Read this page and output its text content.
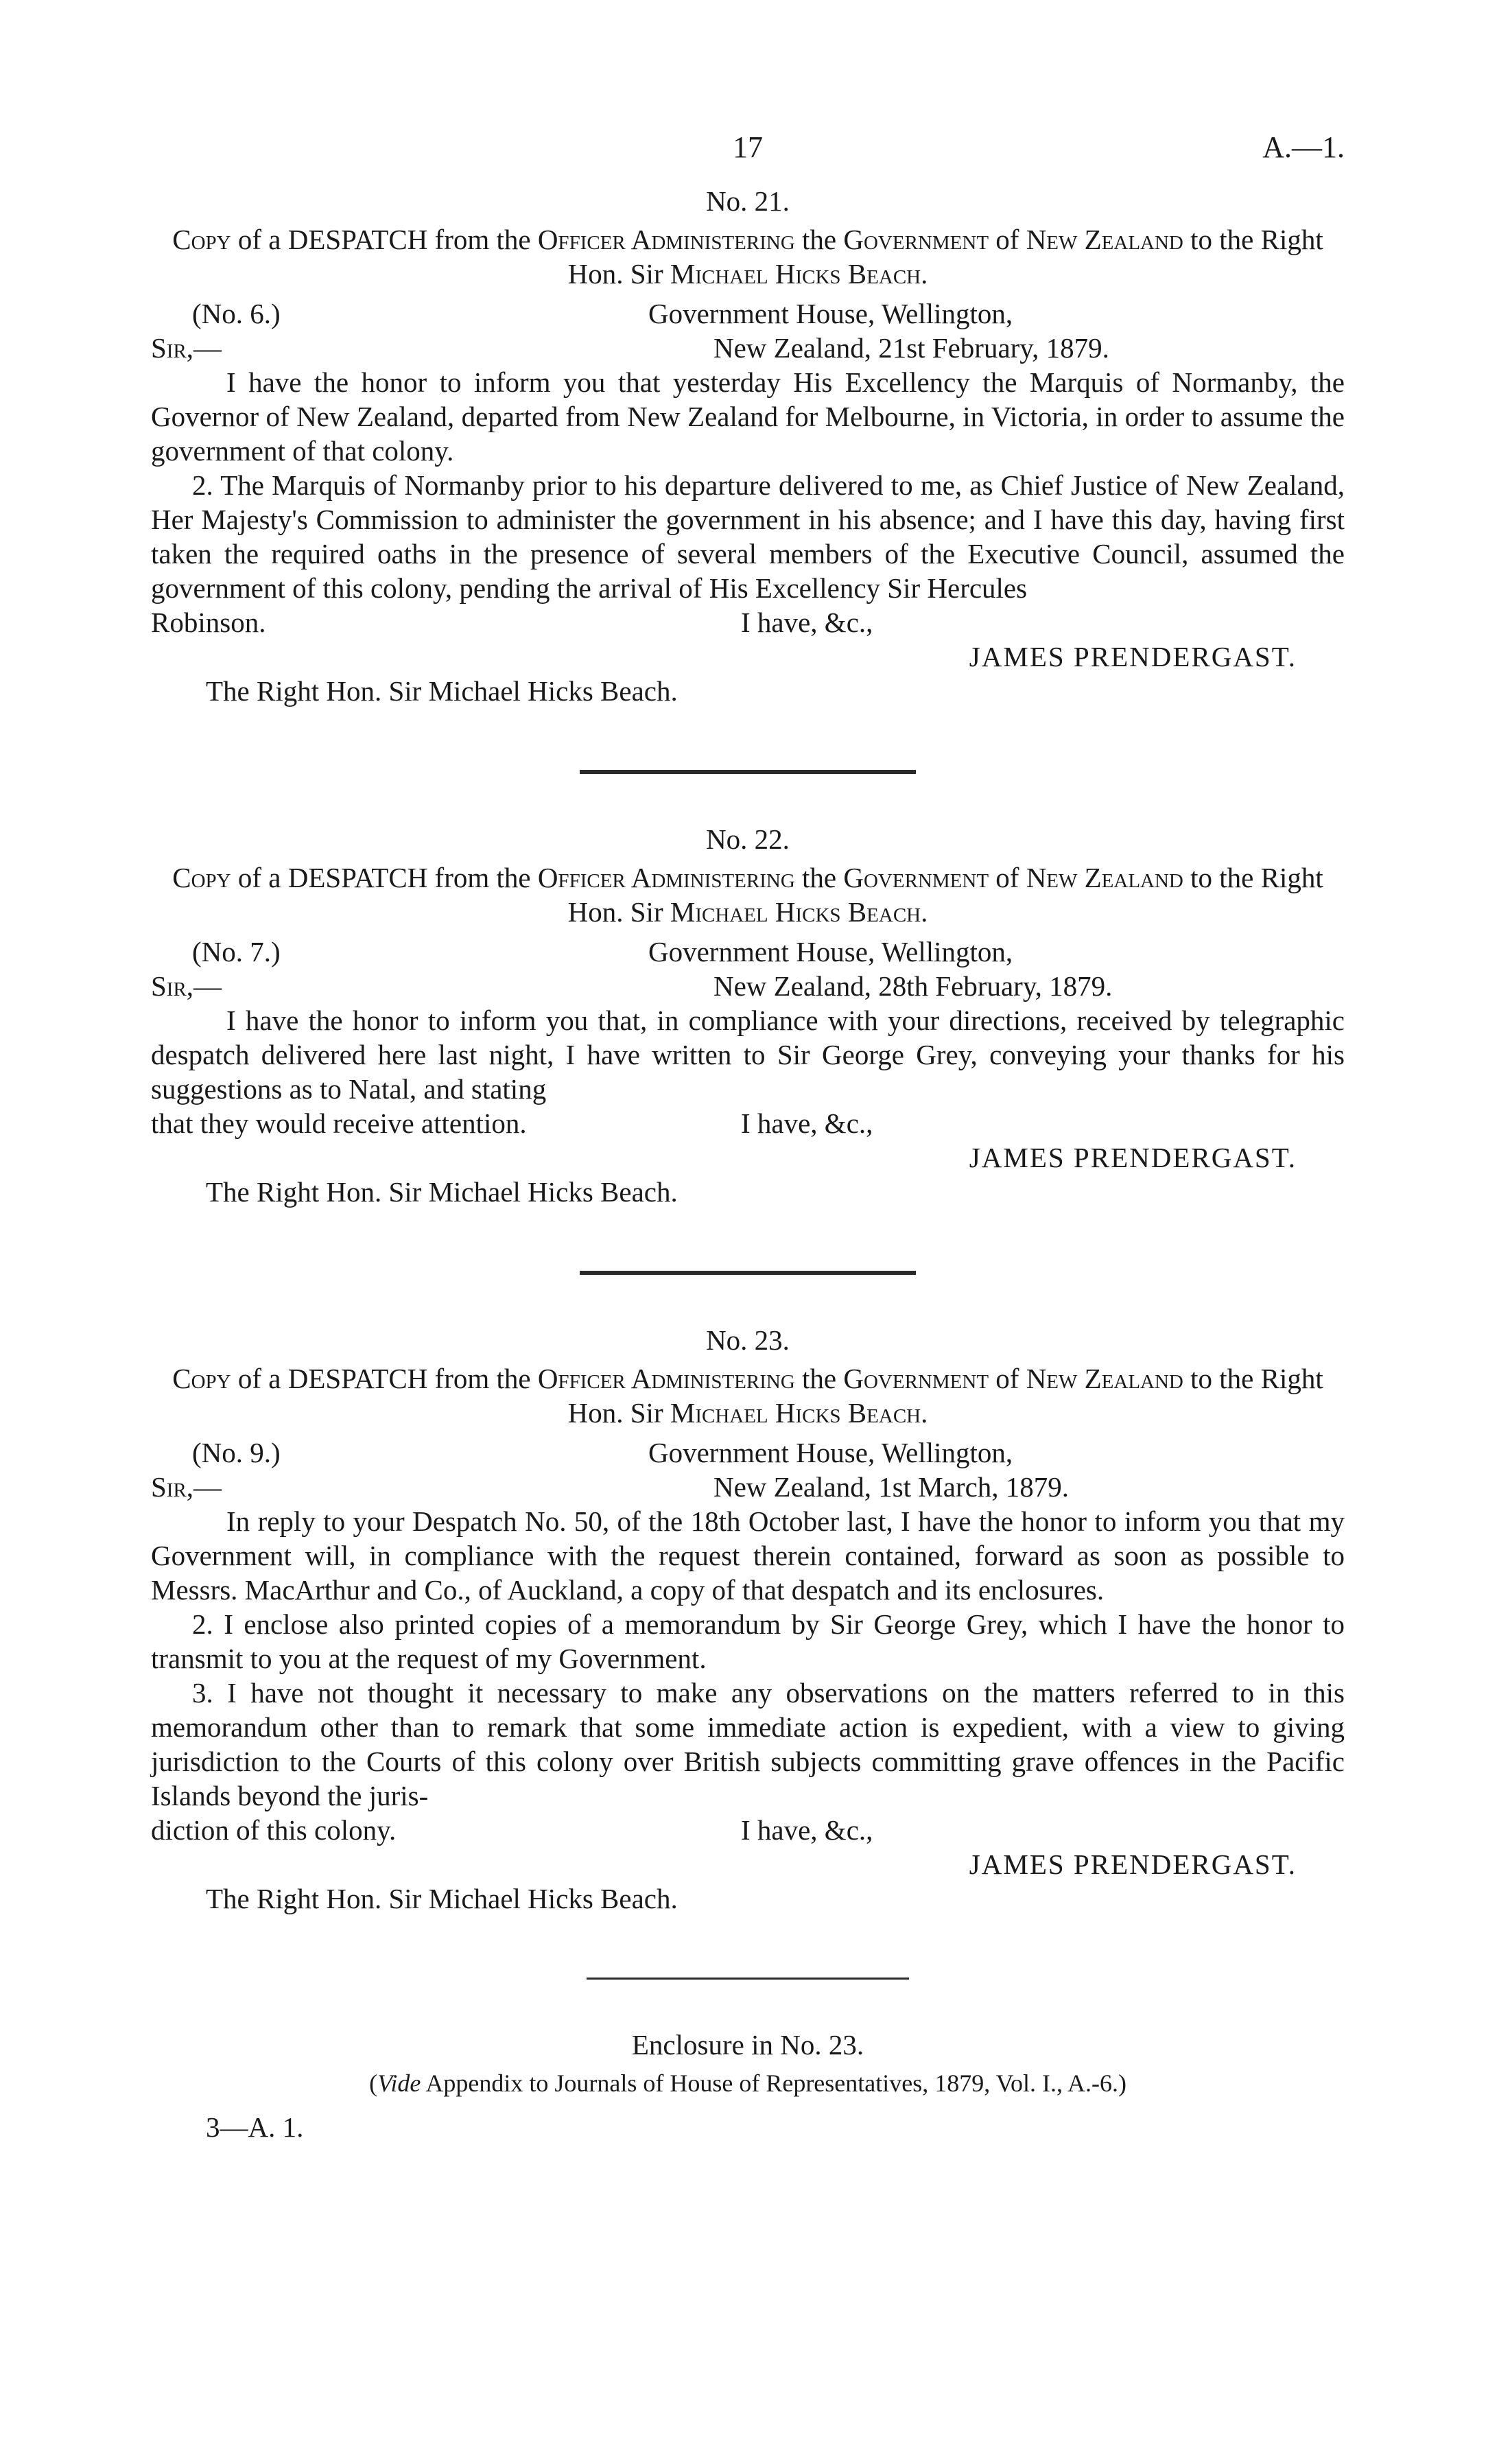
17	A.—1.
No. 21.
Copy of a DESPATCH from the Officer Administering the Government of New Zealand to the Right Hon. Sir Michael Hicks Beach.
(No. 6.)
Sir,—
Government House, Wellington,
New Zealand, 21st February, 1879.

I have the honor to inform you that yesterday His Excellency the Marquis of Normanby, the Governor of New Zealand, departed from New Zealand for Melbourne, in Victoria, in order to assume the government of that colony.

2. The Marquis of Normanby prior to his departure delivered to me, as Chief Justice of New Zealand, Her Majesty's Commission to administer the government in his absence; and I have this day, having first taken the required oaths in the presence of several members of the Executive Council, assumed the government of this colony, pending the arrival of His Excellency Sir Hercules

Robinson.	I have, &c.,
JAMES PRENDERGAST.
The Right Hon. Sir Michael Hicks Beach.
No. 22.
Copy of a DESPATCH from the Officer Administering the Government of New Zealand to the Right Hon. Sir Michael Hicks Beach.
(No. 7.)
Sir,—
Government House, Wellington,
New Zealand, 28th February, 1879.

I have the honor to inform you that, in compliance with your directions, received by telegraphic despatch delivered here last night, I have written to Sir George Grey, conveying your thanks for his suggestions as to Natal, and stating

that they would receive attention.	I have, &c.,
JAMES PRENDERGAST.
The Right Hon. Sir Michael Hicks Beach.
No. 23.
Copy of a DESPATCH from the Officer Administering the Government of New Zealand to the Right Hon. Sir Michael Hicks Beach.
(No. 9.)
Sir,—
Government House, Wellington,
New Zealand, 1st March, 1879.

In reply to your Despatch No. 50, of the 18th October last, I have the honor to inform you that my Government will, in compliance with the request therein contained, forward as soon as possible to Messrs. MacArthur and Co., of Auckland, a copy of that despatch and its enclosures.

2. I enclose also printed copies of a memorandum by Sir George Grey, which I have the honor to transmit to you at the request of my Government.

3. I have not thought it necessary to make any observations on the matters referred to in this memorandum other than to remark that some immediate action is expedient, with a view to giving jurisdiction to the Courts of this colony over British subjects committing grave offences in the Pacific Islands beyond the juris-

diction of this colony.	I have, &c.,
JAMES PRENDERGAST.
The Right Hon. Sir Michael Hicks Beach.
Enclosure in No. 23.
(Vide Appendix to Journals of House of Representatives, 1879, Vol. I., A.-6.)
3—A. 1.
